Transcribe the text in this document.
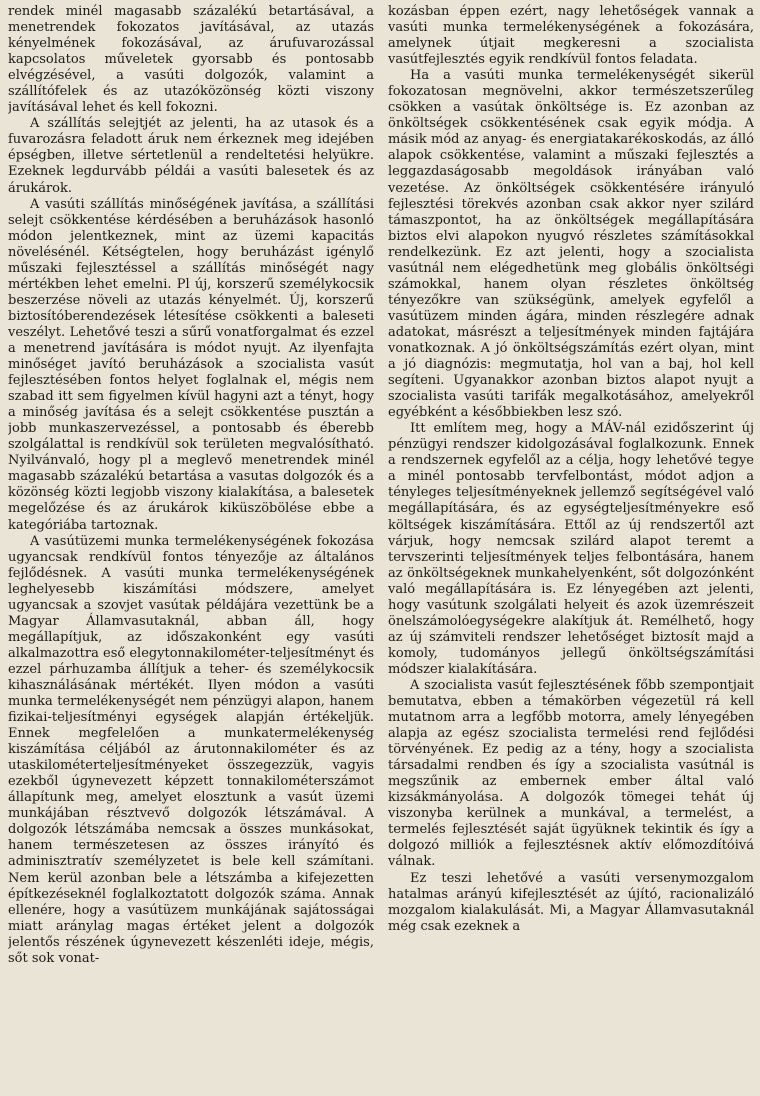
rendek minél magasabb százalékú betartásával, a menetrendek fokozatos javításával, az utazás kényelmének fokozásával, az árufuvarozással kapcsolatos műveletek gyorsabb és pontosabb elvégzésével, a vasúti dolgozók, valamint a szállítófelek és az utazóközönség közti viszony javításával lehet és kell fokozni.

A szállítás selejtjét az jelenti, ha az utasok és a fuvarozásra feladott áruk nem érkeznek meg idejében épségben, illetve sértetlenül a rendeltetési helyükre. Ezeknek legdurvább példái a vasúti balesetek és az árukárok.

A vasúti szállítás minőségének javítása, a szállítási selejt csökkentése kérdésében a beruházások hasonló módon jelentkeznek, mint az üzemi kapacitás növelésénél. Kétségtelen, hogy beruházást igénylő műszaki fejlesztéssel a szállítás minőségét nagy mértékben lehet emelni. Pl új, korszerű személykocsik beszerzése növeli az utazás kényelmét. Új, korszerű biztosítóberendezések létesítése csökkenti a baleseti veszélyt. Lehetővé teszi a sűrű vonatforgalmat és ezzel a menetrend javítására is módot nyujt. Az ilyenfajta minőséget javító beruházások a szocialista vasút fejlesztésében fontos helyet foglalnak el, mégis nem szabad itt sem figyelmen kívül hagyni azt a tényt, hogy a minőség javítása és a selejt csökkentése pusztán a jobb munkaszervezéssel, a pontosabb és éberebb szolgálattal is rendkívül sok területen megvalósítható. Nyilvánvaló, hogy pl a meglevő menetrendek minél magasabb százalékú betartása a vasutas dolgozók és a közönség közti legjobb viszony kialakítása, a balesetek megelőzése és az árukárok kiküszöbölése ebbe a kategóriába tartoznak.

A vasútüzemi munka termelékenységének fokozása ugyancsak rendkívül fontos tényezője az általános fejlődésnek. A vasúti munka termelékenységének leghelyesebb kiszámítási módszere, amelyet ugyancsak a szovjet vasútak példájára vezettünk be a Magyar Államvasutaknál, abban áll, hogy megállapítjuk, az időszakonként egy vasúti alkalmazottra eső elegytonnakilométer-teljesítményt és ezzel párhuzamba állítjuk a teher- és személykocsik kihasználásának mértékét. Ilyen módon a vasúti munka termelékenységét nem pénzügyi alapon, hanem fizikai-teljesítményi egységek alapján értékeljük. Ennek megfelelően a munkatermelékenység kiszámítása céljából az árutonnakilométer és az utaskilométerteljesítményeket összegezzük, vagyis ezekből úgynevezett képzett tonnakilométerszámot állapítunk meg, amelyet elosztunk a vasút üzemi munkájában résztvevő dolgozók létszámával. A dolgozók létszámába nemcsak a összes munkásokat, hanem természetesen az összes irányító és adminisztratív személyzetet is bele kell számítani. Nem kerül azonban bele a létszámba a kifejezetten építkezéseknél foglalkoztatott dolgozók száma. Annak ellenére, hogy a vasútüzem munkájának sajátosságai miatt aránylag magas értéket jelent a dolgozók jelentős részének úgynevezett készenléti ideje, mégis, sőt sok vonat-

kozásban éppen ezért, nagy lehetőségek vannak a vasúti munka termelékenységének a fokozására, amelynek útjait megkeresni a szocialista vasútfejlesztés egyik rendkívül fontos feladata.

Ha a vasúti munka termelékenységét sikerül fokozatosan megnövelni, akkor természetszerűleg csökken a vasútak önköltsége is. Ez azonban az önköltségek csökkentésének csak egyik módja. A másik mód az anyag- és energiatakarékoskodás, az álló alapok csökkentése, valamint a műszaki fejlesztés a leggazdaságosabb megoldások irányában való vezetése. Az önköltségek csökkentésére irányuló fejlesztési törekvés azonban csak akkor nyer szilárd támaszpontot, ha az önköltségek megállapítására biztos elvi alapokon nyugvó részletes számításokkal rendelkezünk. Ez azt jelenti, hogy a szocialista vasútnál nem elégedhetünk meg globális önköltségi számokkal, hanem olyan részletes önköltség tényezőkre van szükségünk, amelyek egyfelől a vasútüzem minden ágára, minden részlegére adnak adatokat, másrészt a teljesítmények minden fajtájára vonatkoznak. A jó önköltségszámítás ezért olyan, mint a jó diagnózis: megmutatja, hol van a baj, hol kell segíteni. Ugyanakkor azonban biztos alapot nyujt a szocialista vasúti tarifák megalkotásához, amelyekről egyébként a későbbiekben lesz szó.

Itt említem meg, hogy a MÁV-nál ezidőszerint új pénzügyi rendszer kidolgozásával foglalkozunk. Ennek a rendszernek egyfelől az a célja, hogy lehetővé tegye a minél pontosabb tervfelbontást, módot adjon a tényleges teljesítményeknek jellemző segítségével való megállapítására, és az egységteljesítményekre eső költségek kiszámítására. Ettől az új rendszertől azt várjuk, hogy nemcsak szilárd alapot teremt a tervszerinti teljesítmények teljes felbontására, hanem az önköltségeknek munkahelyenként, sőt dolgozónként való megállapítására is. Ez lényegében azt jelenti, hogy vasútunk szolgálati helyeit és azok üzemrészeit önelszámolóegységekre alakítjuk át. Remélhető, hogy az új számviteli rendszer lehetőséget biztosít majd a komoly, tudományos jellegű önköltségszámítási módszer kialakítására.

A szocialista vasút fejlesztésének főbb szempontjait bemutatva, ebben a témakörben végezetül rá kell mutatnom arra a legfőbb motorra, amely lényegében alapja az egész szocialista termelési rend fejlődési törvényének. Ez pedig az a tény, hogy a szocialista társadalmi rendben és így a szocialista vasútnál is megszűnik az embernek ember által való kizsákmányolása. A dolgozók tömegei tehát új viszonyba kerülnek a munkával, a termelést, a termelés fejlesztését saját ügyüknek tekintik és így a dolgozó milliók a fejlesztésnek aktív előmozdítóivá válnak.

Ez teszi lehetővé a vasúti versenymozgalom hatalmas arányú kifejlesztését az újító, racionalizáló mozgalom kialakulását. Mi, a Magyar Államvasutaknál még csak ezeknek a
